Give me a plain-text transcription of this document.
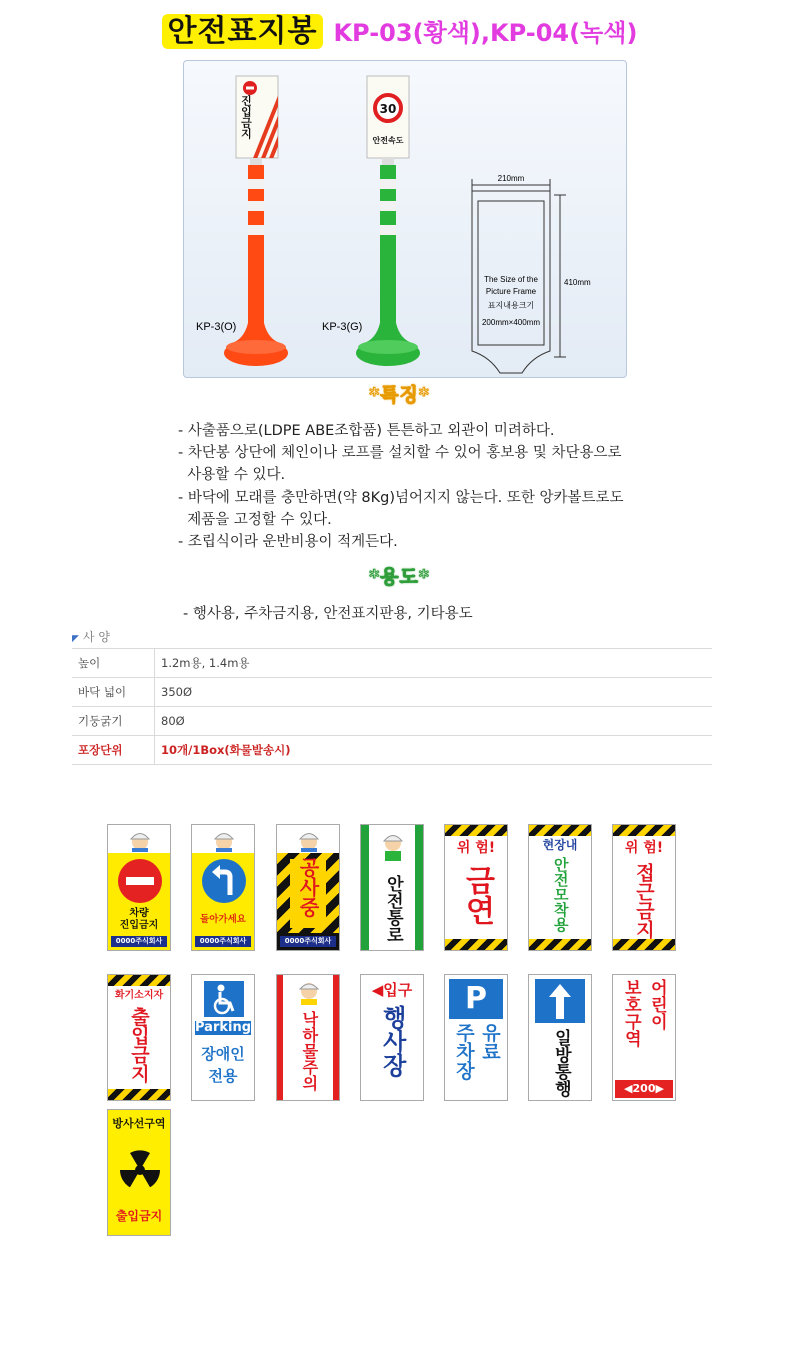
안전표지봉 KP-03(황색),KP-04(녹색)
진입금지	30
안전속도
KP-3(O)	KP-3(G)
210mm
410mm
The Size of the
Picture Frame
표지내용크기
200mm×400mm
*특징*
- 사출품으로(LDPE ABE조합품) 튼튼하고 외관이 미려하다.
- 차단봉 상단에 체인이나 로프를 설치할 수 있어 홍보용 및 차단용으로
사용할 수 있다.
- 바닥에 모래를 충만하면(약 8Kg)넘어지지 않는다. 또한 앙카볼트로도
제품을 고정할 수 있다.
- 조립식이라 운반비용이 적게든다.
*용도*
- 행사용, 주차금지용, 안전표지판용, 기타용도
◤ 사 양
높이	1.2m용, 1.4m용
바닥 넓이	350Ø
기둥굵기	80Ø
포장단위	10개/1Box(화물발송시)
차량
진입금지
0000주식회사
돌아가세요
0000주식회사
공사중
0000주식회사	안전통로
위 험!
금연
현장내
안전모착용
위 험!
접근금지
화기소지자
출입금지	Parking
장애인
전용	낙하물주의
◀입구
행사장
P
주차장 유료	일방통행
보호구역 어린이
◀200▶
방사선구역
출입금지
